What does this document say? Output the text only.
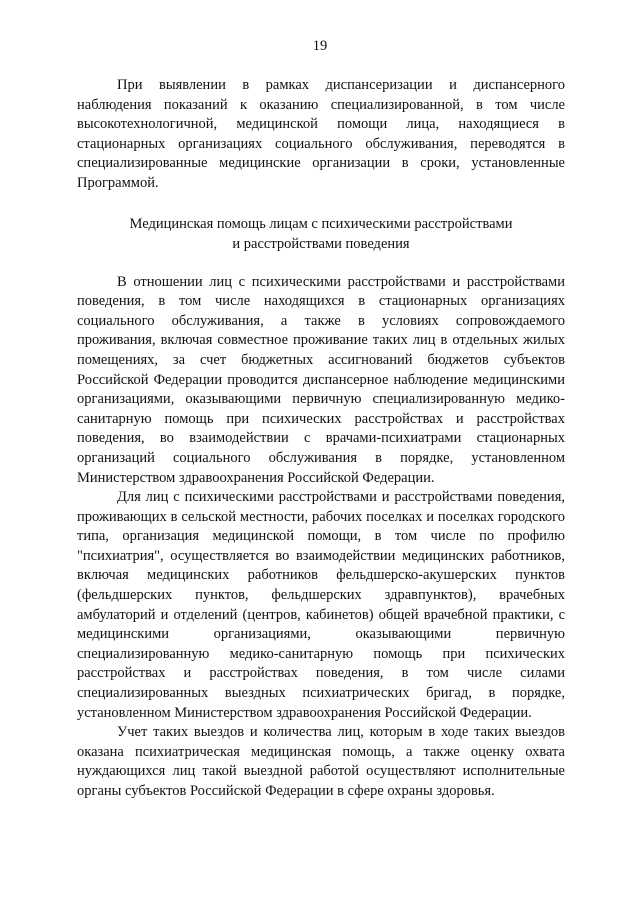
19

При выявлении в рамках диспансеризации и диспансерного наблюдения показаний к оказанию специализированной, в том числе высокотехнологичной, медицинской помощи лица, находящиеся в стационарных организациях социального обслуживания, переводятся в специализированные медицинские организации в сроки, установленные Программой.

Медицинская помощь лицам с психическими расстройствами
и расстройствами поведения

В отношении лиц с психическими расстройствами и расстройствами поведения, в том числе находящихся в стационарных организациях социального обслуживания, а также в условиях сопровождаемого проживания, включая совместное проживание таких лиц в отдельных жилых помещениях, за счет бюджетных ассигнований бюджетов субъектов Российской Федерации проводится диспансерное наблюдение медицинскими организациями, оказывающими первичную специализированную медико-санитарную помощь при психических расстройствах и расстройствах поведения, во взаимодействии с врачами-психиатрами стационарных организаций социального обслуживания в порядке, установленном Министерством здравоохранения Российской Федерации.

Для лиц с психическими расстройствами и расстройствами поведения, проживающих в сельской местности, рабочих поселках и поселках городского типа, организация медицинской помощи, в том числе по профилю "психиатрия", осуществляется во взаимодействии медицинских работников, включая медицинских работников фельдшерско-акушерских пунктов (фельдшерских пунктов, фельдшерских здравпунктов), врачебных амбулаторий и отделений (центров, кабинетов) общей врачебной практики, с медицинскими организациями, оказывающими первичную специализированную медико-санитарную помощь при психических расстройствах и расстройствах поведения, в том числе силами специализированных выездных психиатрических бригад, в порядке, установленном Министерством здравоохранения Российской Федерации.

Учет таких выездов и количества лиц, которым в ходе таких выездов оказана психиатрическая медицинская помощь, а также оценку охвата нуждающихся лиц такой выездной работой осуществляют исполнительные органы субъектов Российской Федерации в сфере охраны здоровья.
